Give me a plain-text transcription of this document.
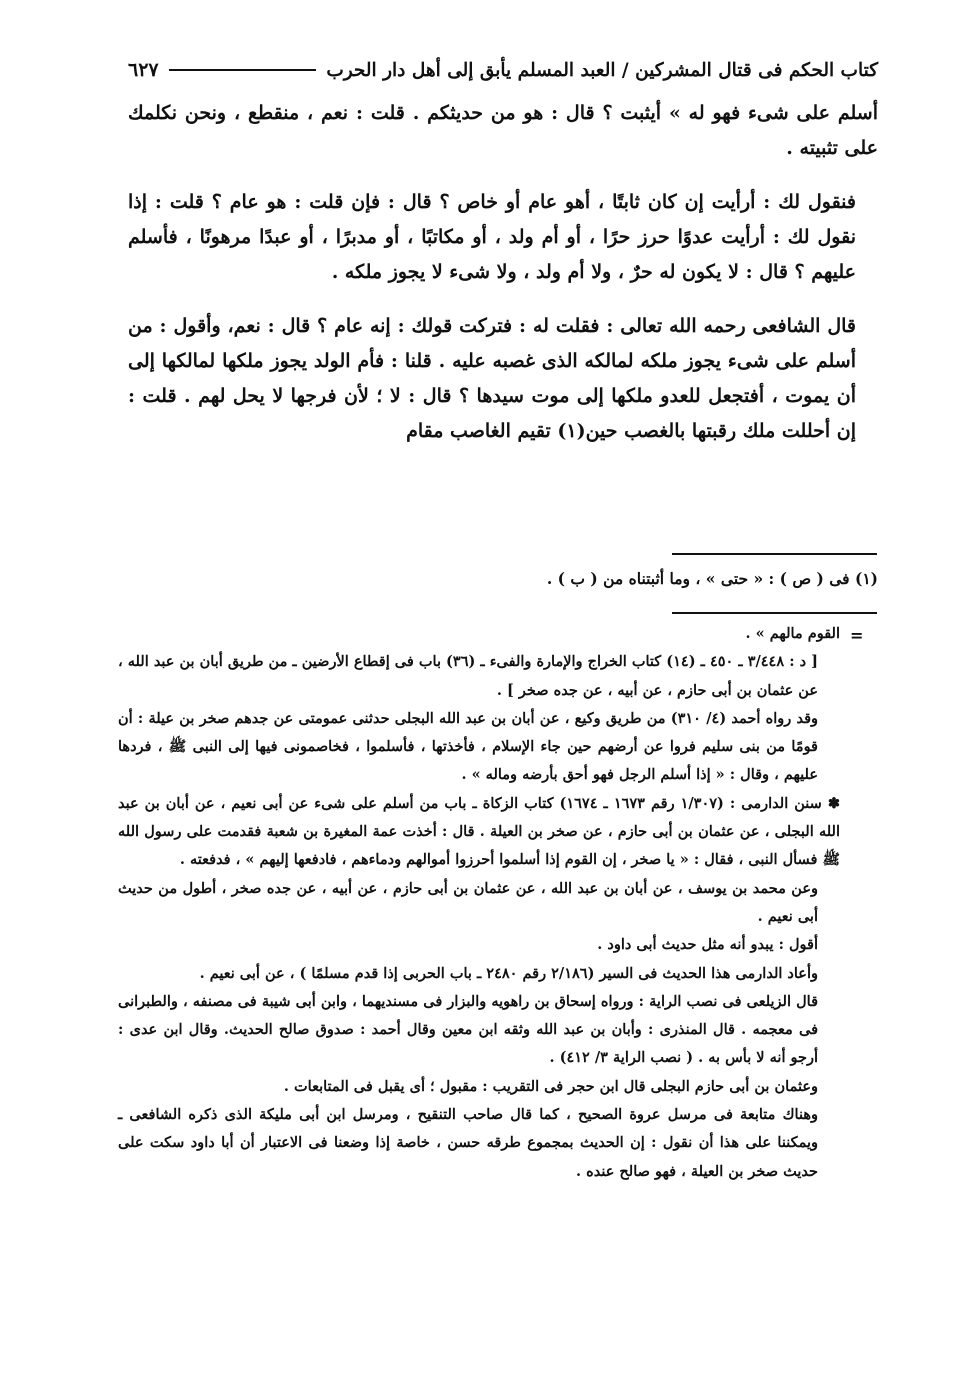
كتاب الحكم فى قتال المشركين / العبد المسلم يأبق إلى أهل دار الحرب
٦٢٧

أسلم على شىء فهو له » أيثبت ؟ قال : هو من حديثكم . قلت : نعم ، منقطع ، ونحن نكلمك على تثبيته .

فنقول لك : أرأيت إن كان ثابتًا ، أهو عام أو خاص ؟ قال : فإن قلت : هو عام ؟ قلت : إذا نقول لك : أرأيت عدوًا حرز حرًا ، أو أم ولد ، أو مكاتبًا ، أو مدبرًا ، أو عبدًا مرهونًا ، فأسلم عليهم ؟ قال : لا يكون له حرٌ ، ولا أم ولد ، ولا شىء لا يجوز ملكه .

قال الشافعى رحمه الله تعالى : فقلت له : فتركت قولك : إنه عام ؟ قال : نعم، وأقول : من أسلم على شىء يجوز ملكه لمالكه الذى غصبه عليه . قلنا : فأم الولد يجوز ملكها لمالكها إلى أن يموت ، أفتجعل للعدو ملكها إلى موت سيدها ؟ قال : لا ؛ لأن فرجها لا يحل لهم . قلت : إن أحللت ملك رقبتها بالغصب حين(١) تقيم الغاصب مقام

(١) فى ( ص ) : « حتى » ، وما أثبتناه من ( ب ) .
=

القوم مالهم » .

[ د : ٣/٤٤٨ ـ ٤٥٠ ـ (١٤) كتاب الخراج والإمارة والفىء ـ (٣٦) باب فى إقطاع الأرضين ـ من طريق أبان بن عبد الله ، عن عثمان بن أبى حازم ، عن أبيه ، عن جده صخر ] .

وقد رواه أحمد (٤/ ٣١٠) من طريق وكيع ، عن أبان بن عبد الله البجلى حدثنى عمومتى عن جدهم صخر بن عيلة : أن قومًا من بنى سليم فروا عن أرضهم حين جاء الإسلام ، فأخذتها ، فأسلموا ، فخاصمونى فيها إلى النبى ﷺ ، فردها عليهم ، وقال : « إذا أسلم الرجل فهو أحق بأرضه وماله » .

✽ سنن الدارمى : (١/٣٠٧ رقم ١٦٧٣ ـ ١٦٧٤) كتاب الزكاة ـ باب من أسلم على شىء عن أبى نعيم ، عن أبان بن عبد الله البجلى ، عن عثمان بن أبى حازم ، عن صخر بن العيلة . قال : أخذت عمة المغيرة بن شعبة فقدمت على رسول الله ﷺ فسأل النبى ، فقال : « يا صخر ، إن القوم إذا أسلموا أحرزوا أموالهم ودماءهم ، فادفعها إليهم » ، فدفعته .

وعن محمد بن يوسف ، عن أبان بن عبد الله ، عن عثمان بن أبى حازم ، عن أبيه ، عن جده صخر ، أطول من حديث أبى نعيم .

أقول : يبدو أنه مثل حديث أبى داود .

وأعاد الدارمى هذا الحديث فى السير (٢/١٨٦ رقم ٢٤٨٠ ـ باب الحربى إذا قدم مسلمًا ) ، عن أبى نعيم .

قال الزيلعى فى نصب الراية : ورواه إسحاق بن راهويه والبزار فى مسنديهما ، وابن أبى شيبة فى مصنفه ، والطبرانى فى معجمه . قال المنذرى : وأبان بن عبد الله وثقه ابن معين وقال أحمد : صدوق صالح الحديث. وقال ابن عدى : أرجو أنه لا بأس به . ( نصب الراية ٣/ ٤١٢) .

وعثمان بن أبى حازم البجلى قال ابن حجر فى التقريب : مقبول ؛ أى يقبل فى المتابعات .

وهناك متابعة فى مرسل عروة الصحيح ، كما قال صاحب التنقيح ، ومرسل ابن أبى مليكة الذى ذكره الشافعى ـ ويمكننا على هذا أن نقول : إن الحديث بمجموع طرقه حسن ، خاصة إذا وضعنا فى الاعتبار أن أبا داود سكت على حديث صخر بن العيلة ، فهو صالح عنده .
